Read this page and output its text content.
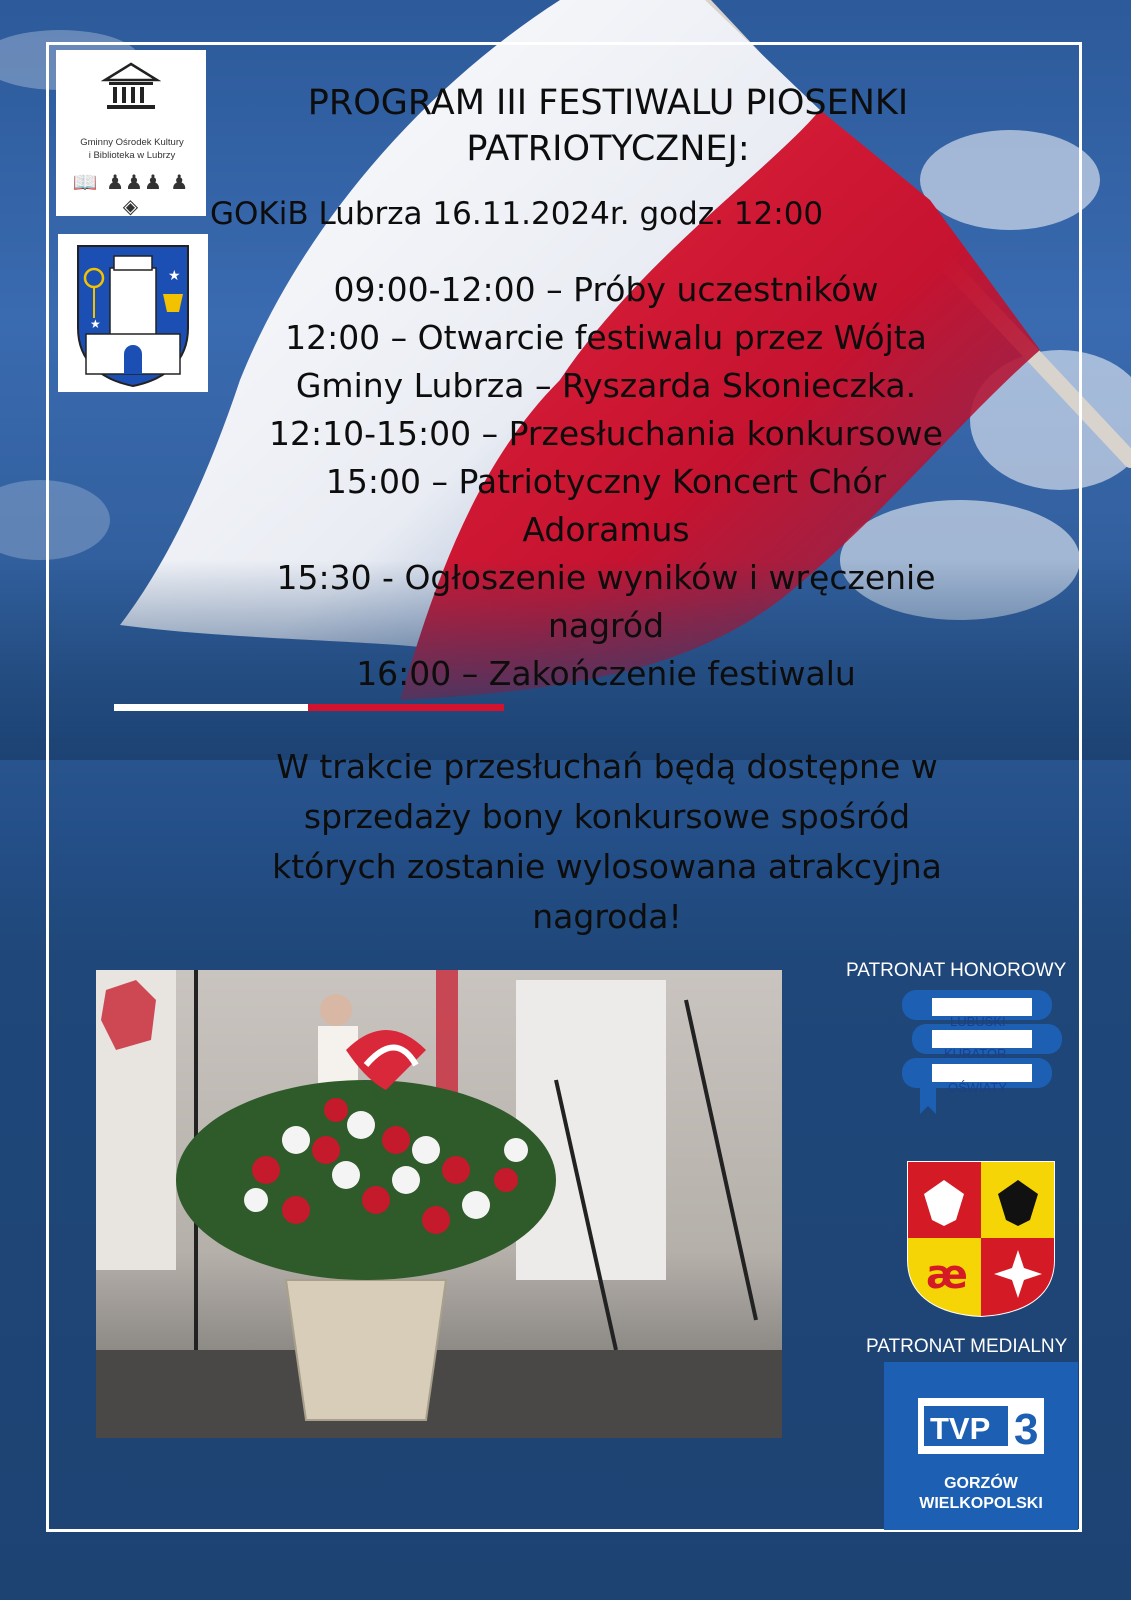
Gminny Ośrodek Kultury
i Biblioteka w Lubrzy
📖 ♟♟♟ ♟ ◈
★
★
PROGRAM III FESTIWALU PIOSENKI PATRIOTYCZNEJ:

GOKiB Lubrza 16.11.2024r. godz. 12:00

09:00-12:00 – Próby uczestników
12:00 – Otwarcie festiwalu przez Wójta
Gminy Lubrza – Ryszarda Skonieczka.
12:10-15:00 – Przesłuchania konkursowe
15:00 – Patriotyczny Koncert Chór
Adoramus
15:30 - Ogłoszenie wyników i wręczenie
nagród
16:00 – Zakończenie festiwalu
W trakcie przesłuchań będą dostępne w
sprzedaży bony konkursowe spośród
których zostanie wylosowana atrakcyjna
nagroda!
PATRONAT HONOROWY
LUBUSKI
KURATOR
OŚWIATY
æ
PATRONAT MEDIALNY
TVP 3
GORZÓW
WIELKOPOLSKI
